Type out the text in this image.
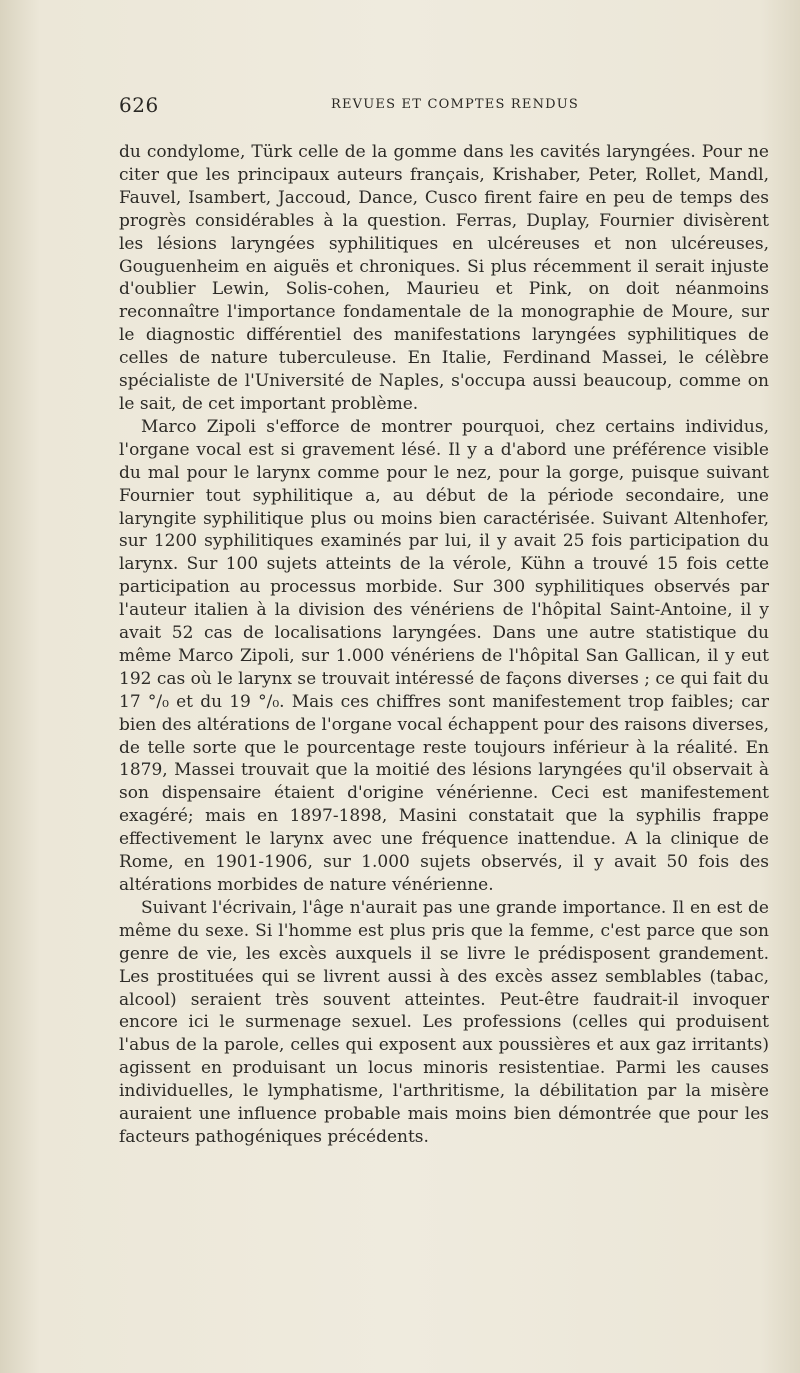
626	REVUES ET COMPTES RENDUS

du condylome, Türk celle de la gomme dans les cavités laryngées. Pour ne citer que les principaux auteurs français, Krishaber, Peter, Rollet, Mandl, Fauvel, Isambert, Jaccoud, Dance, Cusco firent faire en peu de temps des progrès considérables à la question. Ferras, Duplay, Fournier divisèrent les lésions laryngées syphilitiques en ulcéreuses et non ulcéreuses, Gouguenheim en aiguës et chroniques. Si plus récemment il serait injuste d'oublier Lewin, Solis-cohen, Maurieu et Pink, on doit néanmoins reconnaître l'importance fondamentale de la monographie de Moure, sur le diagnostic différentiel des manifestations laryngées syphilitiques de celles de nature tuberculeuse. En Italie, Ferdinand Massei, le célèbre spécialiste de l'Université de Naples, s'occupa aussi beaucoup, comme on le sait, de cet important problème.

Marco Zipoli s'efforce de montrer pourquoi, chez certains individus, l'organe vocal est si gravement lésé. Il y a d'abord une préférence visible du mal pour le larynx comme pour le nez, pour la gorge, puisque suivant Fournier tout syphilitique a, au début de la période secondaire, une laryngite syphilitique plus ou moins bien caractérisée. Suivant Altenhofer, sur 1200 syphilitiques examinés par lui, il y avait 25 fois participation du larynx. Sur 100 sujets atteints de la vérole, Kühn a trouvé 15 fois cette participation au processus morbide. Sur 300 syphilitiques observés par l'auteur italien à la division des vénériens de l'hôpital Saint-Antoine, il y avait 52 cas de localisations laryngées. Dans une autre statistique du même Marco Zipoli, sur 1.000 vénériens de l'hôpital San Gallican, il y eut 192 cas où le larynx se trouvait intéressé de façons diverses ; ce qui fait du 17 °/₀ et du 19 °/₀. Mais ces chiffres sont manifestement trop faibles; car bien des altérations de l'organe vocal échappent pour des raisons diverses, de telle sorte que le pourcentage reste toujours inférieur à la réalité. En 1879, Massei trouvait que la moitié des lésions laryngées qu'il observait à son dispensaire étaient d'origine vénérienne. Ceci est manifestement exagéré; mais en 1897-1898, Masini constatait que la syphilis frappe effectivement le larynx avec une fréquence inattendue. A la clinique de Rome, en 1901-1906, sur 1.000 sujets observés, il y avait 50 fois des altérations morbides de nature vénérienne.

Suivant l'écrivain, l'âge n'aurait pas une grande importance. Il en est de même du sexe. Si l'homme est plus pris que la femme, c'est parce que son genre de vie, les excès auxquels il se livre le prédisposent grandement. Les prostituées qui se livrent aussi à des excès assez semblables (tabac, alcool) seraient très souvent atteintes. Peut-être faudrait-il invoquer encore ici le surmenage sexuel. Les professions (celles qui produisent l'abus de la parole, celles qui exposent aux poussières et aux gaz irritants) agissent en produisant un locus minoris resistentiae. Parmi les causes individuelles, le lymphatisme, l'arthritisme, la débilitation par la misère auraient une influence probable mais moins bien démontrée que pour les facteurs pathogéniques précédents.
